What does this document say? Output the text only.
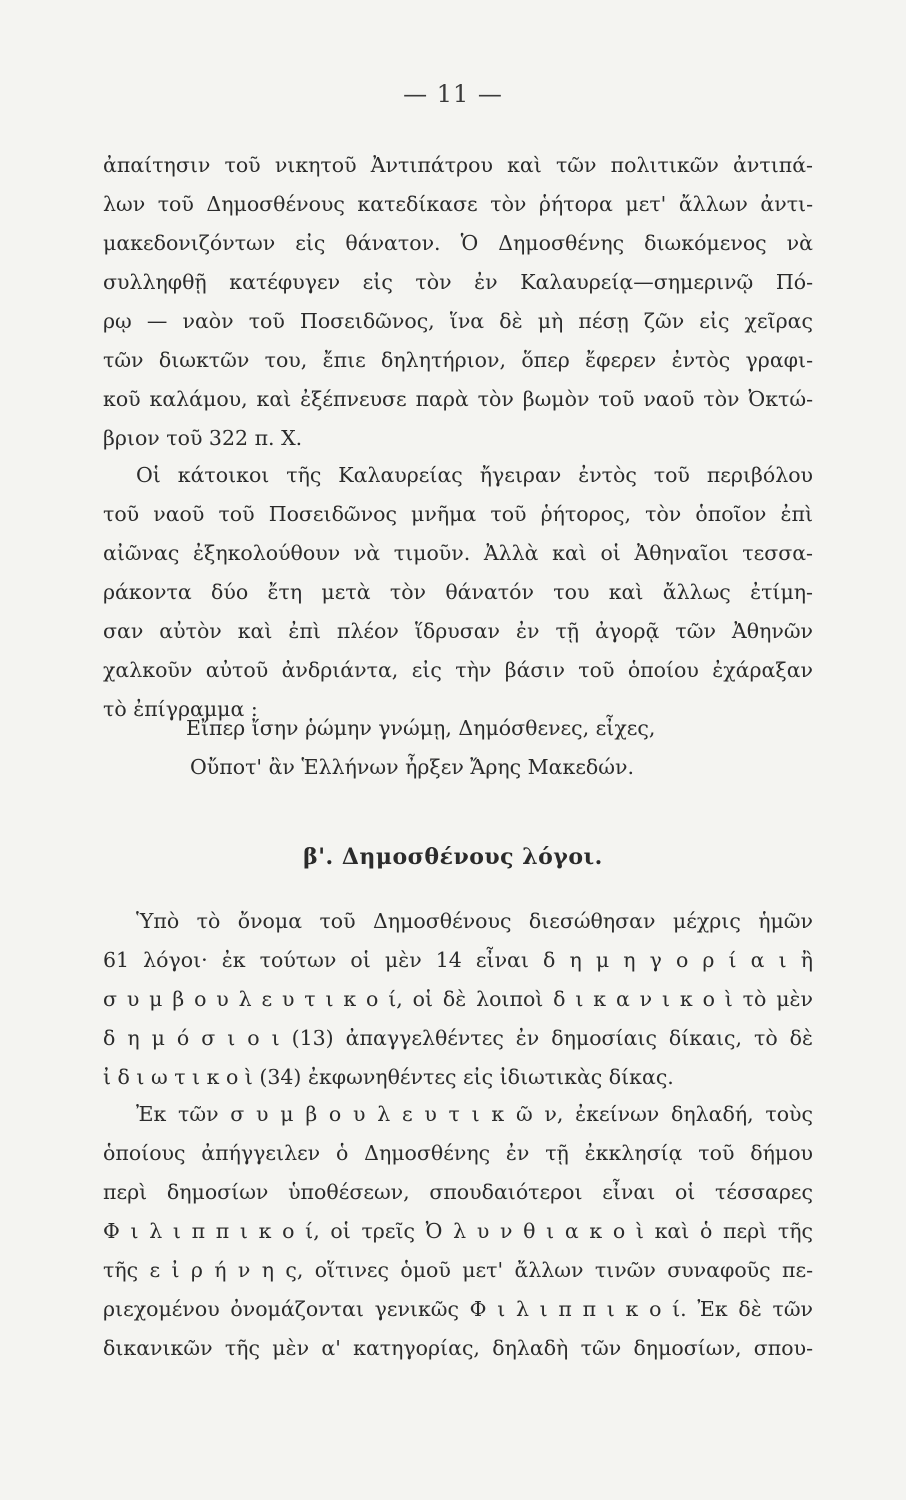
— 11 —
ἀπαίτησιν τοῦ νικητοῦ Ἀντιπάτρου καὶ τῶν πολιτικῶν ἀντιπά-
λων τοῦ Δημοσθένους κατεδίκασε τὸν ῥήτορα μετ' ἄλλων ἀντι-
μακεδονιζόντων εἰς θάνατον. Ὁ Δημοσθένης διωκόμενος νὰ
συλληφθῇ κατέφυγεν εἰς τὸν ἐν Καλαυρείᾳ—σημερινῷ Πό-
ρῳ — ναὸν τοῦ Ποσειδῶνος, ἵνα δὲ μὴ πέσῃ ζῶν εἰς χεῖρας
τῶν διωκτῶν του, ἔπιε δηλητήριον, ὅπερ ἔφερεν ἐντὸς γραφι-
κοῦ καλάμου, καὶ ἐξέπνευσε παρὰ τὸν βωμὸν τοῦ ναοῦ τὸν Ὀκτώ-
βριον τοῦ 322 π. Χ.
Οἱ κάτοικοι τῆς Καλαυρείας ἤγειραν ἐντὸς τοῦ περιβόλου
τοῦ ναοῦ τοῦ Ποσειδῶνος μνῆμα τοῦ ῥήτορος, τὸν ὁποῖον ἐπὶ
αἰῶνας ἐξηκολούθουν νὰ τιμοῦν. Ἀλλὰ καὶ οἱ Ἀθηναῖοι τεσσα-
ράκοντα δύο ἔτη μετὰ τὸν θάνατόν του καὶ ἄλλως ἐτίμη-
σαν αὐτὸν καὶ ἐπὶ πλέον ἵδρυσαν ἐν τῇ ἀγορᾷ τῶν Ἀθηνῶν
χαλκοῦν αὐτοῦ ἀνδριάντα, εἰς τὴν βάσιν τοῦ ὁποίου ἐχάραξαν
τὸ ἐπίγραμμα :
Εἴπερ ἴσην ῥώμην γνώμῃ, Δημόσθενες, εἶχες,
Οὔποτ' ἂν Ἑλλήνων ἦρξεν Ἄρης Μακεδών.
β'. Δημοσθένους λόγοι.
Ὑπὸ τὸ ὄνομα τοῦ Δημοσθένους διεσώθησαν μέχρις ἡμῶν
61 λόγοι· ἐκ τούτων οἱ μὲν 14 εἶναι δ η μ η γ ο ρ ί α ι ἢ
σ υ μ β ο υ λ ε υ τ ι κ ο ί, οἱ δὲ λοιποὶ δ ι κ α ν ι κ ο ὶ τὸ μὲν
δ η μ ό σ ι ο ι (13) ἀπαγγελθέντες ἐν δημοσίαις δίκαις, τὸ δὲ
ἰ δ ι ω τ ι κ ο ὶ (34) ἐκφωνηθέντες εἰς ἰδιωτικὰς δίκας.
Ἐκ τῶν σ υ μ β ο υ λ ε υ τ ι κ ῶ ν, ἐκείνων δηλαδή, τοὺς
ὁποίους ἀπήγγειλεν ὁ Δημοσθένης ἐν τῇ ἐκκλησίᾳ τοῦ δήμου
περὶ δημοσίων ὑποθέσεων, σπουδαιότεροι εἶναι οἱ τέσσαρες
Φ ι λ ι π π ι κ ο ί, οἱ τρεῖς Ὀ λ υ ν θ ι α κ ο ὶ καὶ ὁ περὶ τῆς
τῆς ε ἰ ρ ή ν η ς, οἵτινες ὁμοῦ μετ' ἄλλων τινῶν συναφοῦς πε-
ριεχομένου ὀνομάζονται γενικῶς Φ ι λ ι π π ι κ ο ί. Ἐκ δὲ τῶν
δικανικῶν τῆς μὲν α' κατηγορίας, δηλαδὴ τῶν δημοσίων, σπου-
